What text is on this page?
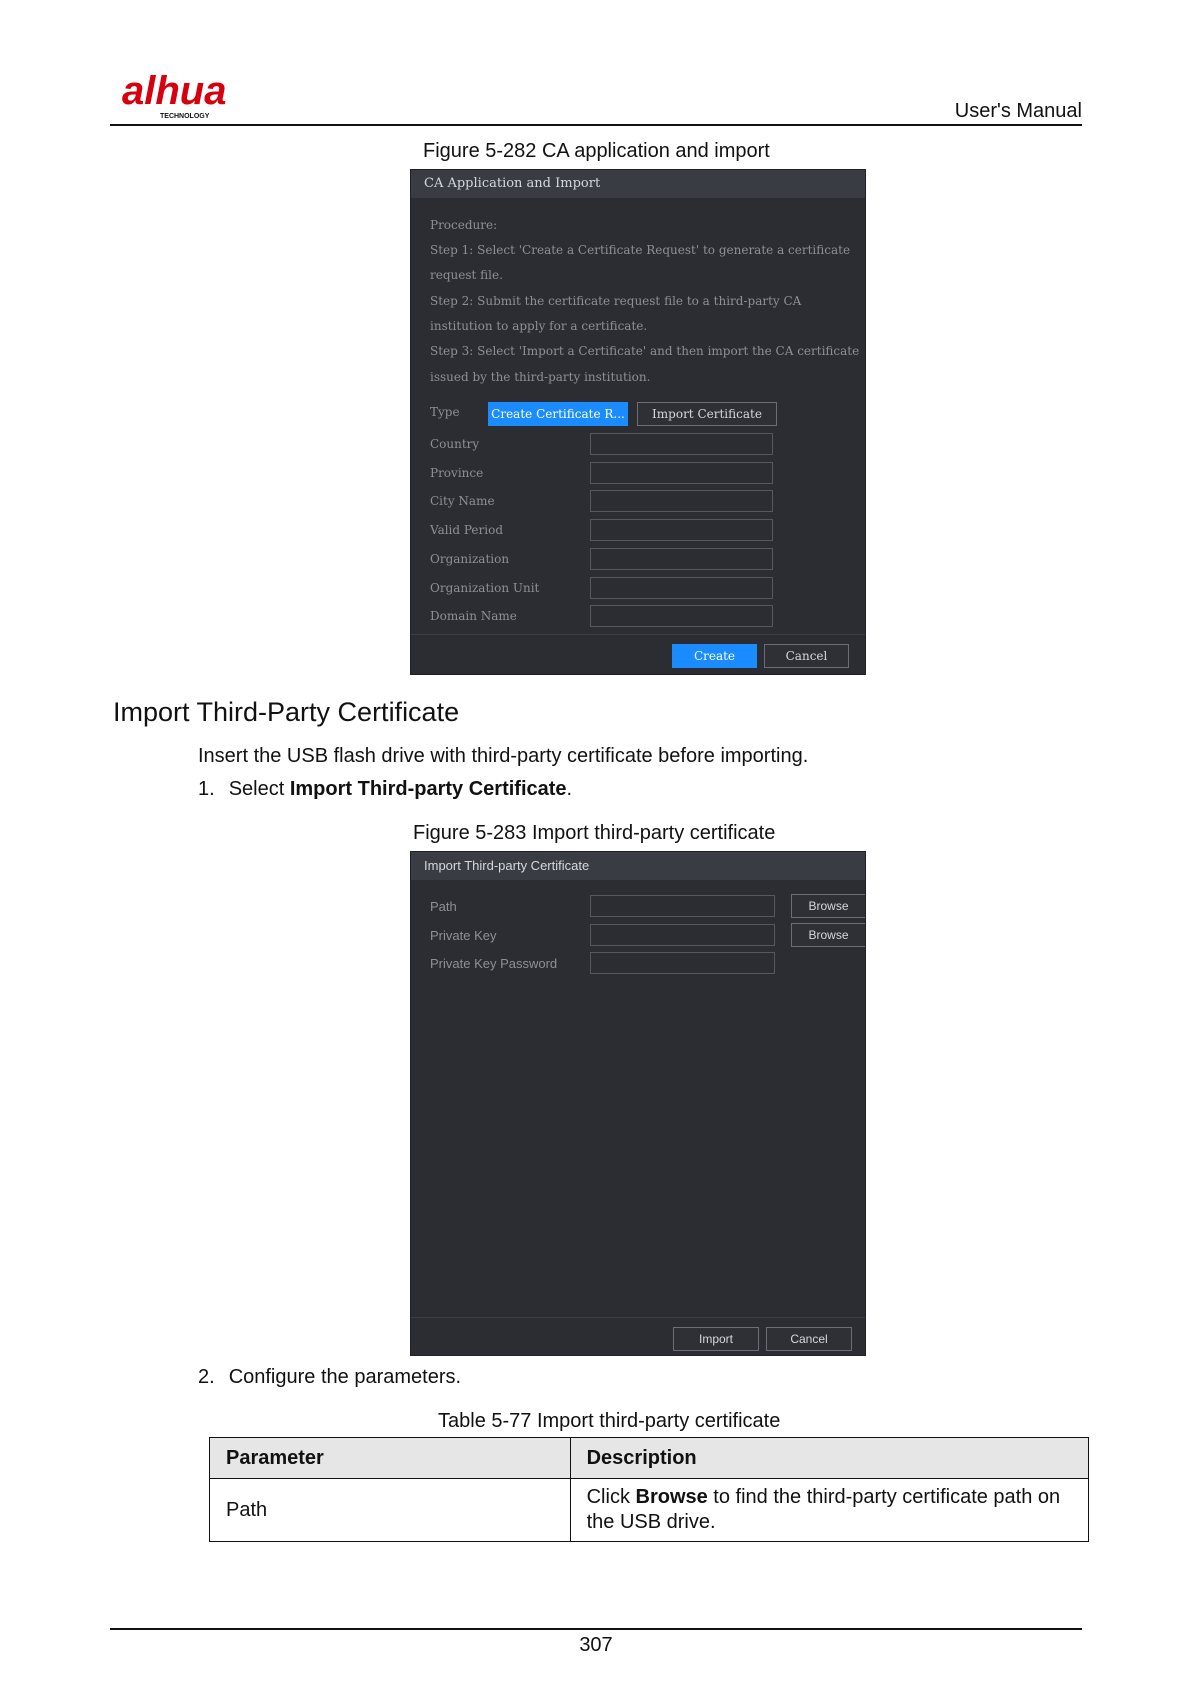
alhua
TECHNOLOGY	User's Manual
Figure 5-282 CA application and import
CA Application and Import
Procedure:
Step 1: Select 'Create a Certificate Request' to generate a certificate
request file.
Step 2: Submit the certificate request file to a third-party CA
institution to apply for a certificate.
Step 3: Select 'Import a Certificate' and then import the CA certificate
issued by the third-party institution.
Type	Create Certificate R...	Import Certificate
Country
Province
City Name
Valid Period
Organization
Organization Unit
Domain Name
Create	Cancel
Import Third-Party Certificate
Insert the USB flash drive with third-party certificate before importing.
1. Select Import Third-party Certificate.
Figure 5-283 Import third-party certificate
Import Third-party Certificate
Path	Browse
Private Key	Browse
Private Key Password
Import	Cancel
2. Configure the parameters.
Table 5-77 Import third-party certificate
Parameter	Description
Path	Click Browse to find the third-party certificate path on the USB drive.
307
